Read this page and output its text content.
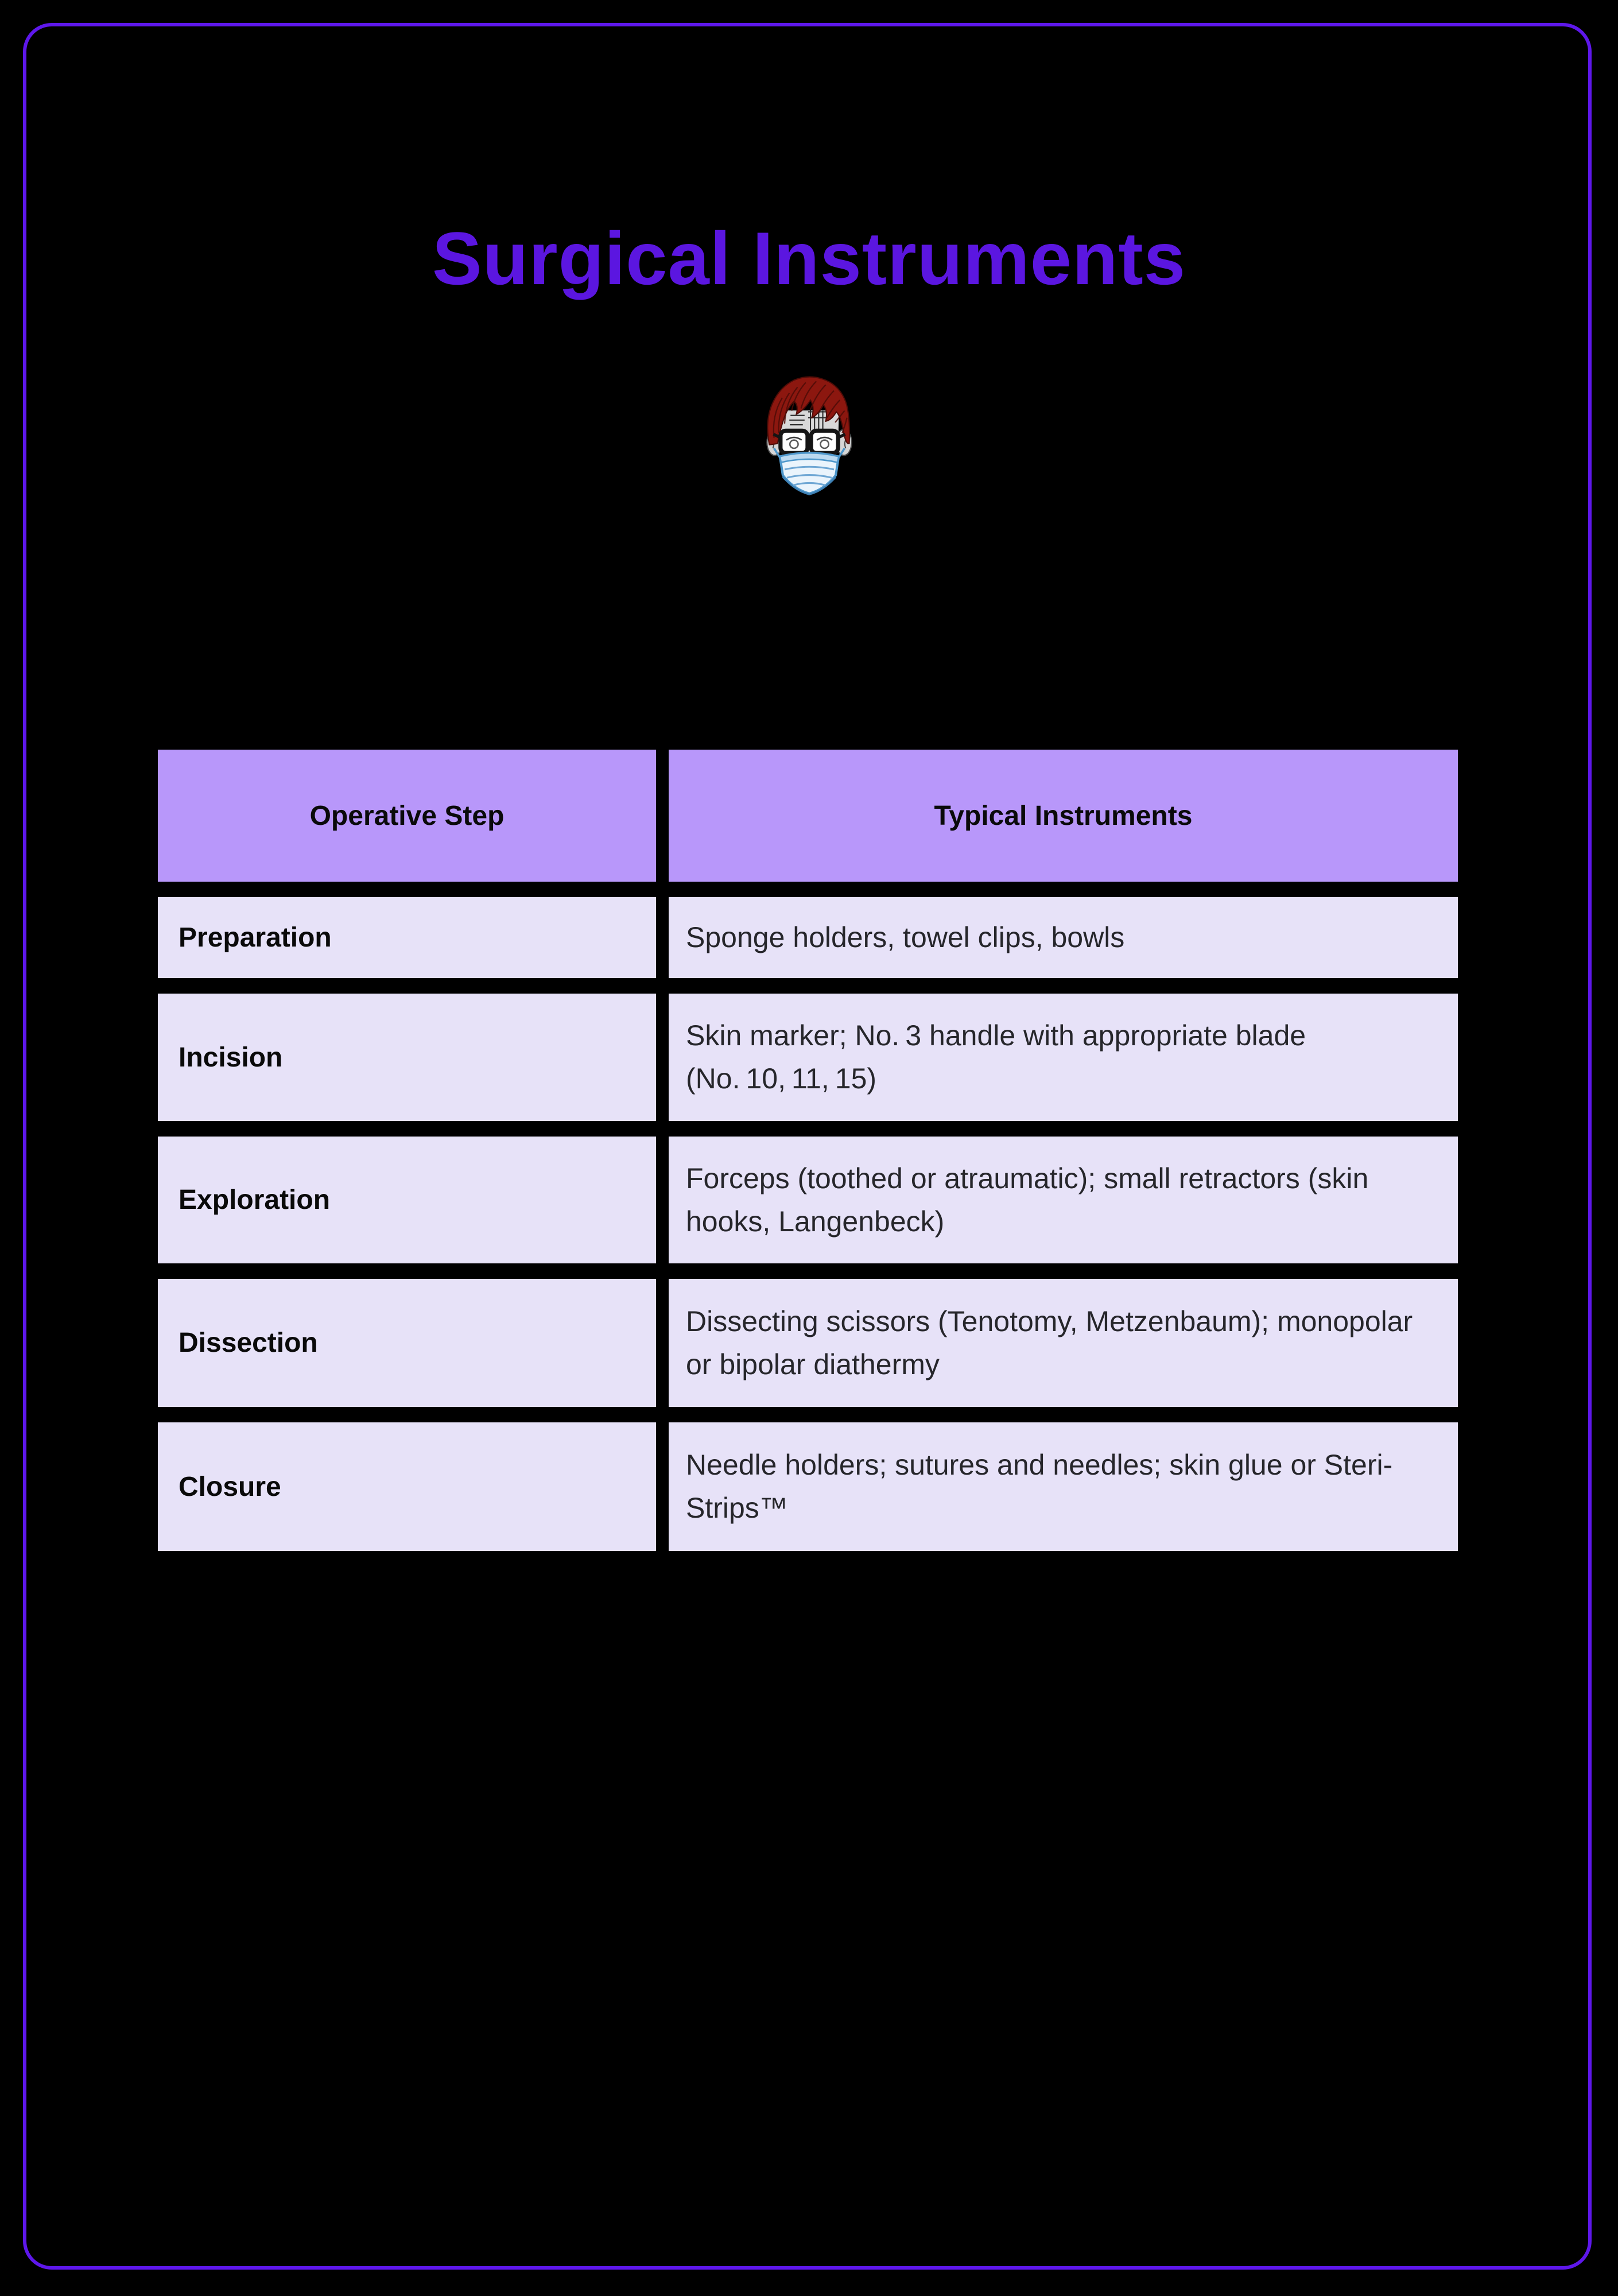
Surgical Instruments
Operative Step	Typical Instruments
Preparation	Sponge holders, towel clips, bowls
Incision
Skin marker; No. 3 handle with appropriate blade (No. 10, 11, 15)
Exploration
Forceps (toothed or atraumatic); small retractors (skin hooks, Langenbeck)
Dissection
Dissecting scissors (Tenotomy, Metzenbaum); monopolar or bipolar diathermy
Closure
Needle holders; sutures and needles; skin glue or Steri-Strips™
